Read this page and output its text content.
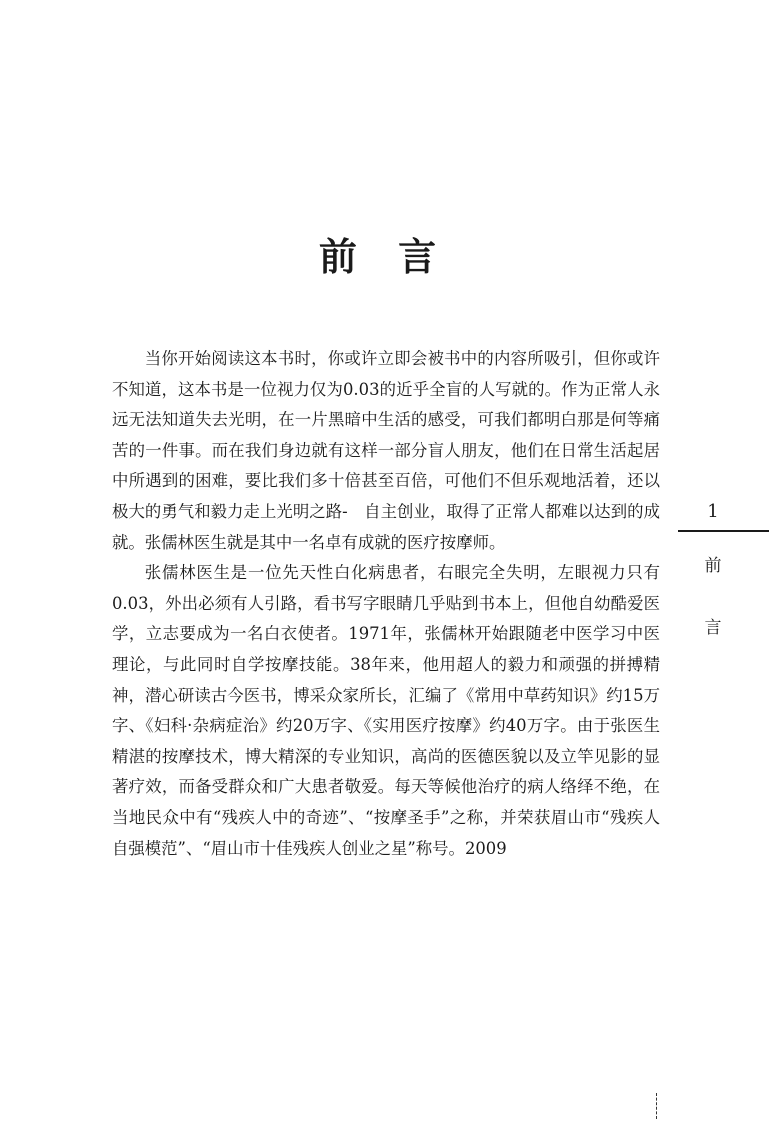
前 言

当你开始阅读这本书时，你或许立即会被书中的内容所吸引，但你或许不知道，这本书是一位视力仅为0.03的近乎全盲的人写就的。作为正常人永远无法知道失去光明，在一片黑暗中生活的感受，可我们都明白那是何等痛苦的一件事。而在我们身边就有这样一部分盲人朋友，他们在日常生活起居中所遇到的困难，要比我们多十倍甚至百倍，可他们不但乐观地活着，还以极大的勇气和毅力走上光明之路-　自主创业，取得了正常人都难以达到的成就。张儒林医生就是其中一名卓有成就的医疗按摩师。

张儒林医生是一位先天性白化病患者，右眼完全失明，左眼视力只有0.03，外出必须有人引路，看书写字眼睛几乎贴到书本上，但他自幼酷爱医学，立志要成为一名白衣使者。1971年，张儒林开始跟随老中医学习中医理论，与此同时自学按摩技能。38年来，他用超人的毅力和顽强的拼搏精神，潜心研读古今医书，博采众家所长，汇编了《常用中草药知识》约15万字、《妇科·杂病症治》约20万字、《实用医疗按摩》约40万字。由于张医生精湛的按摩技术，博大精深的专业知识，高尚的医德医貌以及立竿见影的显著疗效，而备受群众和广大患者敬爱。每天等候他治疗的病人络绎不绝，在当地民众中有“残疾人中的奇迹”、“按摩圣手”之称，并荣获眉山市“残疾人自强模范”、“眉山市十佳残疾人创业之星”称号。2009

1
前
言
